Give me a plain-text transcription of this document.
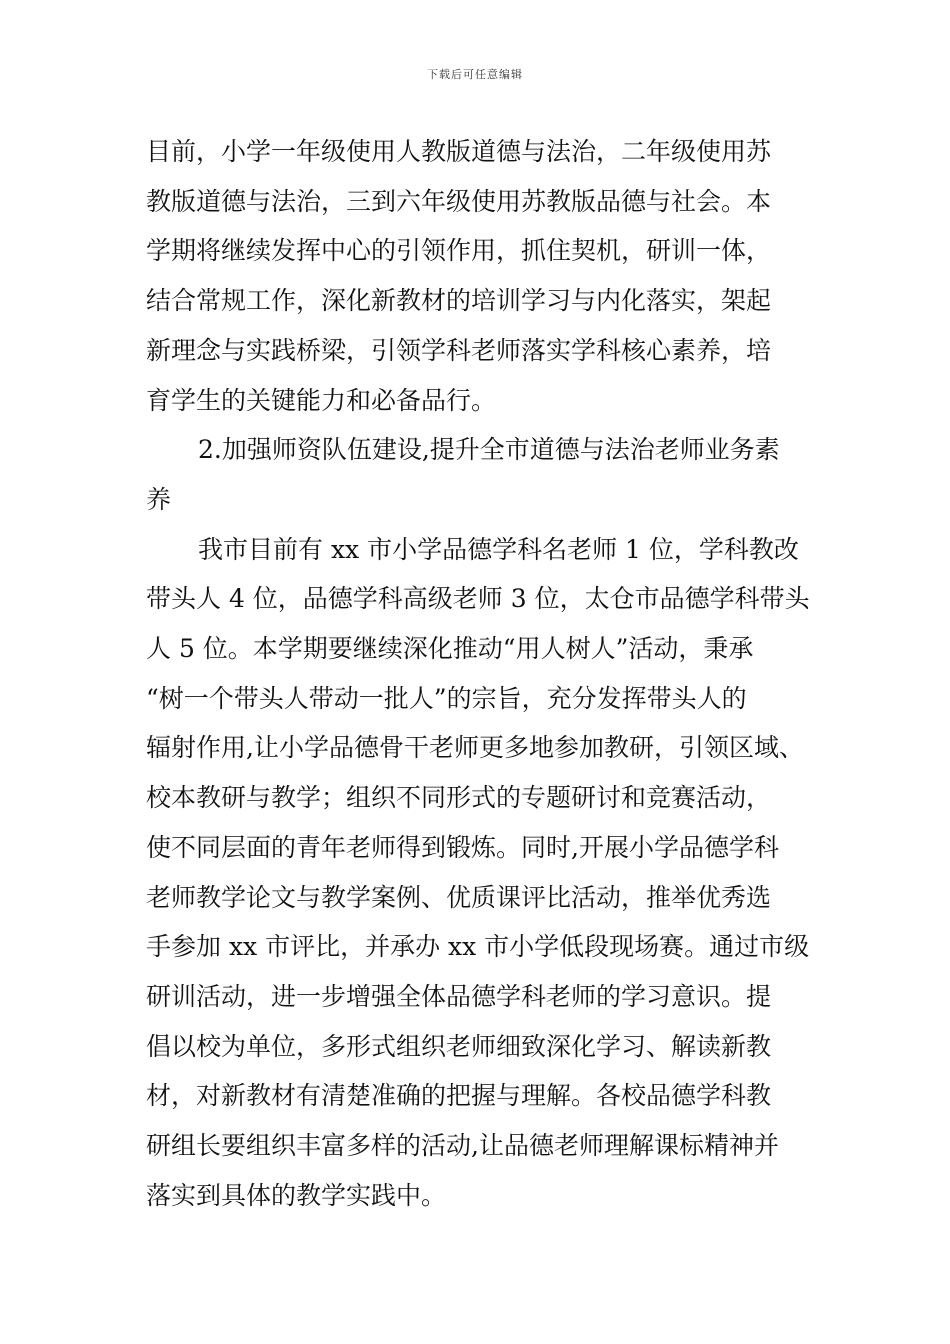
下载后可任意编辑

目前，小学一年级使用人教版道德与法治，二年级使用苏
教版道德与法治，三到六年级使用苏教版品德与社会。本
学期将继续发挥中心的引领作用，抓住契机，研训一体，
结合常规工作，深化新教材的培训学习与内化落实，架起
新理念与实践桥梁，引领学科老师落实学科核心素养，培
育学生的关键能力和必备品行。

2.加强师资队伍建设,提升全市道德与法治老师业务素
养

我市目前有 xx 市小学品德学科名老师 1 位，学科教改
带头人 4 位，品德学科高级老师 3 位，太仓市品德学科带头
人 5 位。本学期要继续深化推动“用人树人”活动，秉承
“树一个带头人带动一批人”的宗旨，充分发挥带头人的
辐射作用,让小学品德骨干老师更多地参加教研，引领区域、
校本教研与教学；组织不同形式的专题研讨和竞赛活动，
使不同层面的青年老师得到锻炼。同时,开展小学品德学科
老师教学论文与教学案例、优质课评比活动，推举优秀选
手参加 xx 市评比，并承办 xx 市小学低段现场赛。通过市级
研训活动，进一步增强全体品德学科老师的学习意识。提
倡以校为单位，多形式组织老师细致深化学习、解读新教
材，对新教材有清楚准确的把握与理解。各校品德学科教
研组长要组织丰富多样的活动,让品德老师理解课标精神并
落实到具体的教学实践中。
